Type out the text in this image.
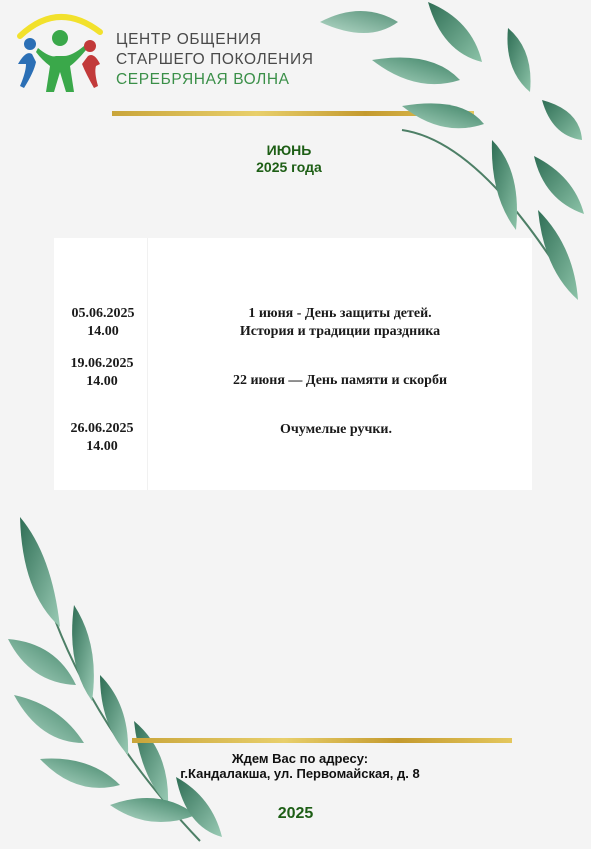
ЦЕНТР ОБЩЕНИЯ
СТАРШЕГО ПОКОЛЕНИЯ
СЕРЕБРЯНАЯ ВОЛНА
ИЮНЬ
2025 года
05.06.2025
14.00
1 июня - День защиты детей.
История и традиции праздника
19.06.2025
14.00	22 июня — День памяти и скорби
26.06.2025
14.00
Очумелые ручки.
Ждем Вас по адресу:
г.Кандалакша, ул. Первомайская, д. 8
2025
